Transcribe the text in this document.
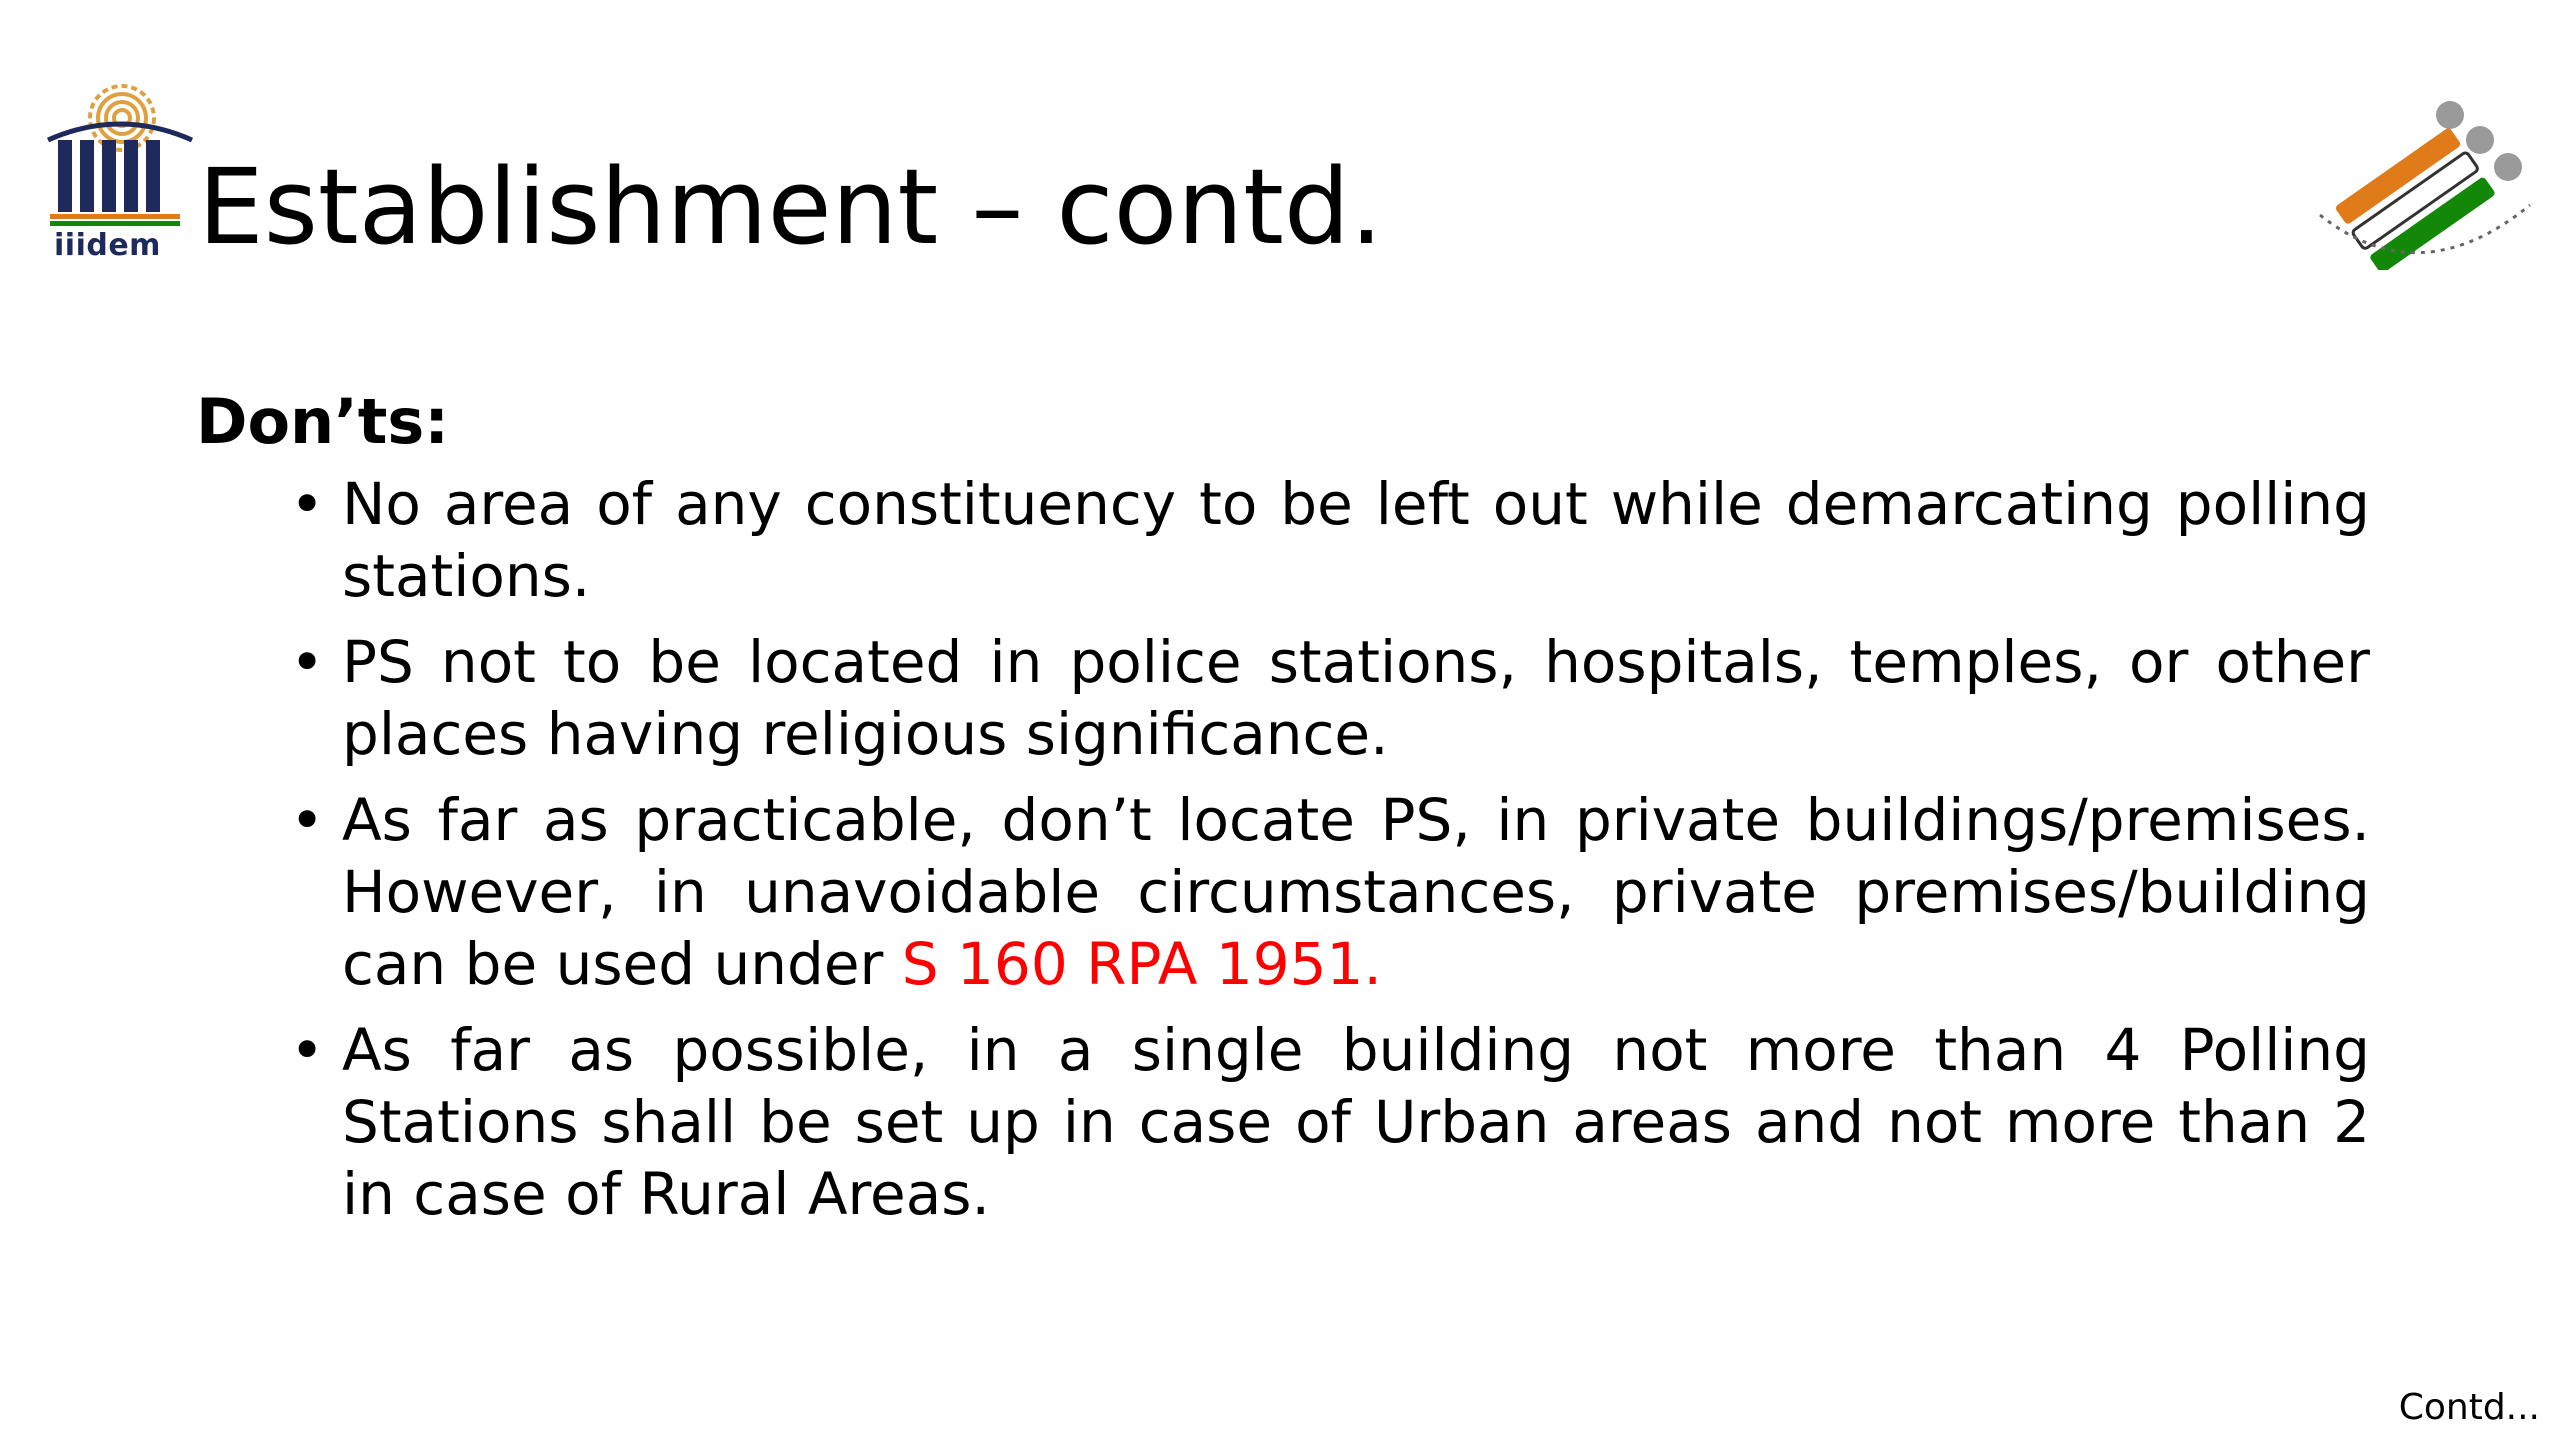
iiidem Establishment – contd.
Don’ts:
• No area of any constituency to be left out while demarcating polling stations.
• PS not to be located in police stations, hospitals, temples, or other places having religious significance.
• As far as practicable, don’t locate PS, in private buildings/premises. However, in unavoidable circumstances, private premises/building can be used under S 160 RPA 1951.
• As far as possible, in a single building not more than 4 Polling Stations shall be set up in case of Urban areas and not more than 2 in case of Rural Areas.
Contd...
